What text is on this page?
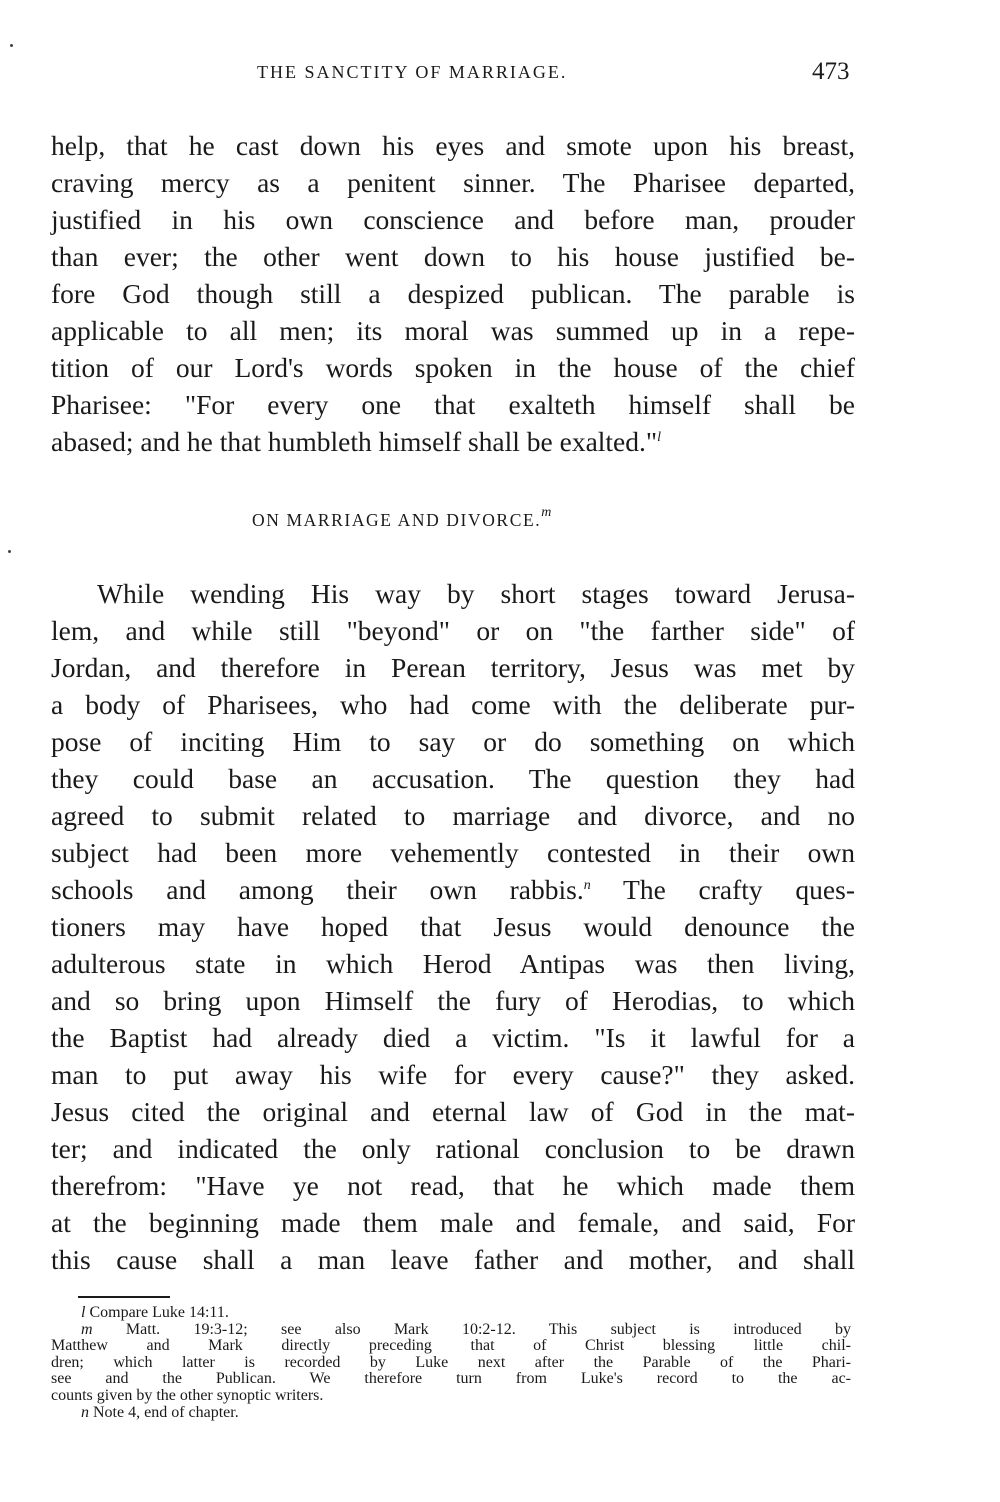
THE SANCTITY OF MARRIAGE.	473
help, that he cast down his eyes and smote upon his breast,
craving mercy as a penitent sinner. The Pharisee departed,
justified in his own conscience and before man, prouder
than ever; the other went down to his house justified be-
fore God though still a despized publican. The parable is
applicable to all men; its moral was summed up in a repe-
tition of our Lord's words spoken in the house of the chief
Pharisee: "For every one that exalteth himself shall be
abased; and he that humbleth himself shall be exalted."$^l$
ON MARRIAGE AND DIVORCE.$^m$
While wending His way by short stages toward Jerusa-
lem, and while still "beyond" or on "the farther side" of
Jordan, and therefore in Perean territory, Jesus was met by
a body of Pharisees, who had come with the deliberate pur-
pose of inciting Him to say or do something on which
they could base an accusation. The question they had
agreed to submit related to marriage and divorce, and no
subject had been more vehemently contested in their own
schools and among their own rabbis.$^n$ The crafty ques-
tioners may have hoped that Jesus would denounce the
adulterous state in which Herod Antipas was then living,
and so bring upon Himself the fury of Herodias, to which
the Baptist had already died a victim. "Is it lawful for a
man to put away his wife for every cause?" they asked.
Jesus cited the original and eternal law of God in the mat-
ter; and indicated the only rational conclusion to be drawn
therefrom: "Have ye not read, that he which made them
at the beginning made them male and female, and said, For
this cause shall a man leave father and mother, and shall
l Compare Luke 14:11.
m Matt. 19:3-12; see also Mark 10:2-12. This subject is introduced by
Matthew and Mark directly preceding that of Christ blessing little chil-
dren; which latter is recorded by Luke next after the Parable of the Phari-
see and the Publican. We therefore turn from Luke's record to the ac-
counts given by the other synoptic writers.
n Note 4, end of chapter.
